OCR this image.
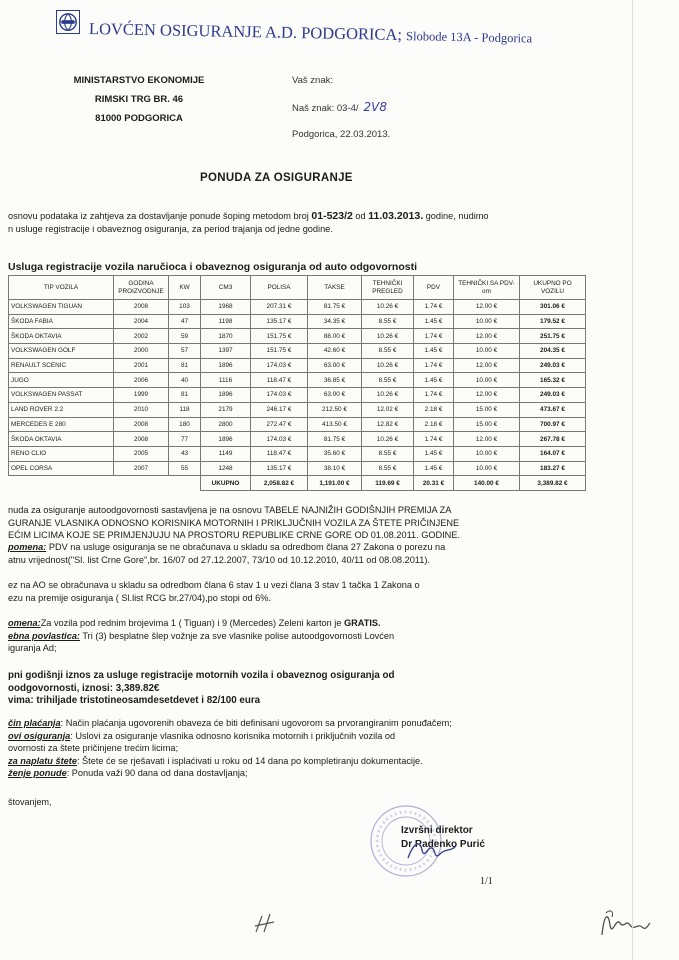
LOVĆEN OSIGURANJE A.D. PODGORICA; Slobode 13A - Podgorica
MINISTARSTVO EKONOMIJE
RIMSKI TRG BR. 46
81000 PODGORICA
Vaš znak:
Naš znak: 03-4/ 2V8
Podgorica, 22.03.2013.
PONUDA ZA OSIGURANJE
osnovu podataka iz zahtjeva za dostavljanje ponude šoping metodom broj 01-523/2 od 11.03.2013. godine, nudimo
n usluge registracije i obaveznog osiguranja, za period trajanja od jedne godine.
Usluga registracije vozila naručioca i obaveznog osiguranja od auto odgovornosti
TIP VOZILA	GODINA PROIZVODNJE	KW	CM3	POLISA	TAKSE	TEHNIČKI PREGLED	PDV	TEHNIČKI SA PDV-om	UKUPNO PO VOZILU
VOLKSWAGEN TIGUAN	2008	103	1968	207.31 €	81.75 €	10.26 €	1.74 €	12.00 €	301.06 €
ŠKODA FABIA	2004	47	1198	135.17 €	34.35 €	8.55 €	1.45 €	10.00 €	179.52 €
ŠKODA OKTAVIA	2002	59	1870	151.75 €	88.00 €	10.26 €	1.74 €	12.00 €	251.75 €
VOLKSWAGEN GOLF	2000	57	1397	151.75 €	42.60 €	8.55 €	1.45 €	10.00 €	204.35 €
RENAULT SCENIC	2001	81	1896	174.03 €	63.00 €	10.26 €	1.74 €	12.00 €	249.03 €
JUGO	2006	40	1116	118.47 €	36.85 €	8.55 €	1.45 €	10.00 €	165.32 €
VOLKSWAGEN PASSAT	1999	81	1896	174.03 €	63.00 €	10.26 €	1.74 €	12.00 €	249.03 €
LAND ROVER 2.2	2010	118	2179	246.17 €	212.50 €	12.02 €	2.18 €	15.00 €	473.67 €
MERCEDES E 280	2008	180	2800	272.47 €	413.50 €	12.82 €	2.18 €	15.00 €	700.97 €
ŠKODA OKTAVIA	2008	77	1896	174.03 €	81.75 €	10.26 €	1.74 €	12.00 €	267.78 €
RENO CLIO	2005	43	1149	118.47 €	35.60 €	8.55 €	1.45 €	10.00 €	164.07 €
OPEL CORSA	2007	55	1248	135.17 €	38.10 €	8.55 €	1.45 €	10.00 €	183.27 €
			UKUPNO	2,058.82 €	1,191.00 €	119.69 €	20.31 €	140.00 €	3,389.82 €
nuda za osiguranje autoodgovornosti sastavljena je na osnovu TABELE NAJNIŽIH GODIŠNJIH PREMIJA ZA
GURANJE VLASNIKA ODNOSNO KORISNIKA MOTORNIH I PRIKLJUČNIH VOZILA ZA ŠTETE PRIČINJENE
EĆIM LICIMA KOJE SE PRIMJENJUJU NA PROSTORU REPUBLIKE CRNE GORE OD 01.08.2011. GODINE.
pomena: PDV na usluge osiguranja se ne obračunava u skladu sa odredbom člana 27 Zakona o porezu na
atnu vrijednost("Sl. list Crne Gore",br. 16/07 od 27.12.2007, 73/10 od 10.12.2010, 40/11 od 08.08.2011).
ez na AO se obračunava u skladu sa odredbom člana 6 stav 1 u vezi člana 3 stav 1 tačka 1 Zakona o
ezu na premije osiguranja ( Sl.list RCG br.27/04),po stopi od 6%.
omena:Za vozila pod rednim brojevima 1 ( Tiguan) i 9 (Mercedes) Zeleni karton je GRATIS.
ebna povlastica: Tri (3) besplatne šlep vožnje za sve vlasnike polise autoodgovornosti Lovćen
iguranja Ad;
pni godišnji iznos za usluge registracije motornih vozila i obaveznog osiguranja od
oodgovornosti, iznosi: 3,389.82€
vima: trihiljade tristotineosamdesetdevet i 82/100 eura
čin plaćanja: Način plaćanja ugovorenih obaveza će biti definisani ugovorom sa prvorangiranim ponuđačem;
ovi osiguranja: Uslovi za osiguranje vlasnika odnosno korisnika motornih i priključnih vozila od
ovornosti za štete pričinjene trećim licima;
za naplatu štete: Štete će se rješavati i isplaćivati u roku od 14 dana po kompletiranju dokumentacije.
ženje ponude: Ponuda važi 90 dana od dana dostavljanja;
štovanjem,
Izvršni direktor
Dr Radenko Purić
1/1
